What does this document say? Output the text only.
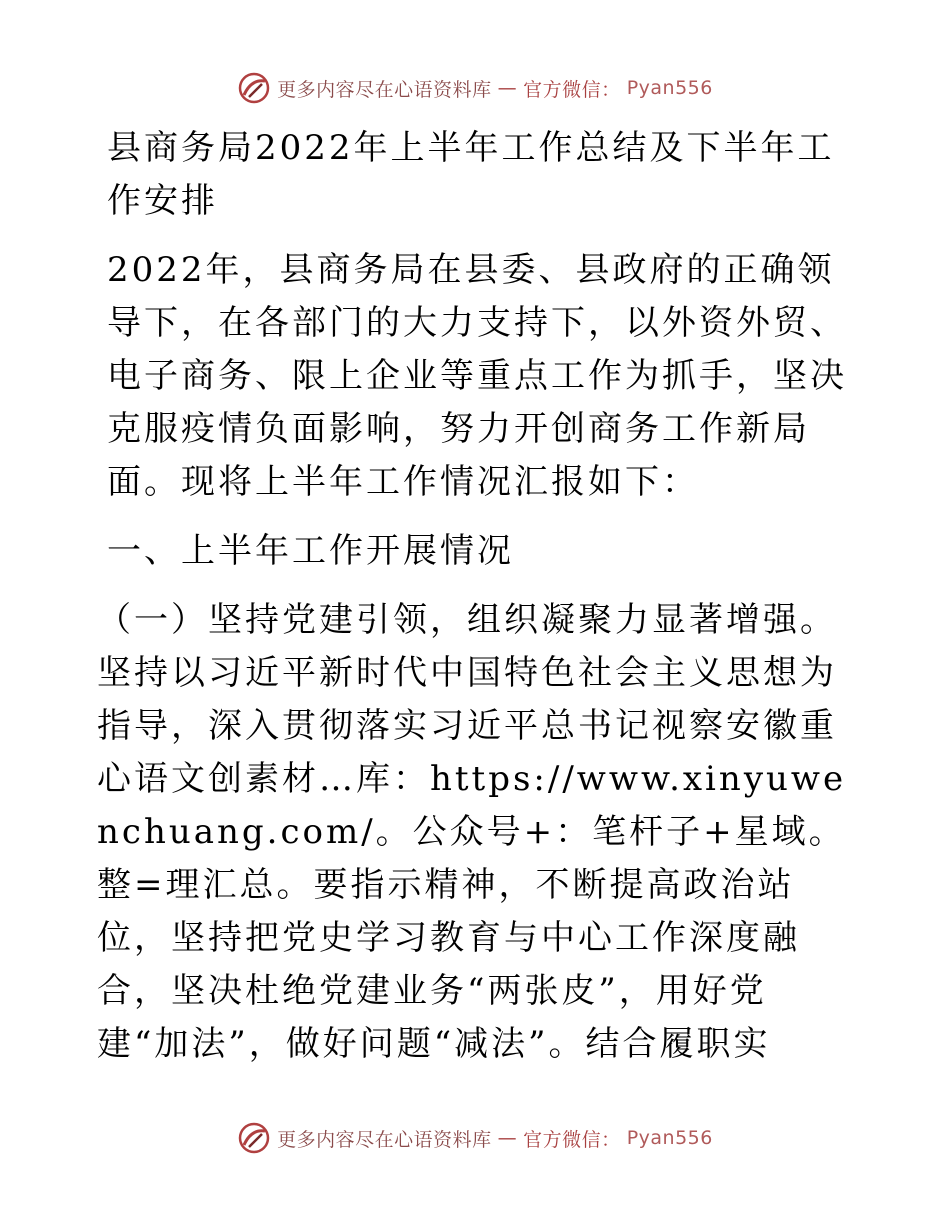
更多内容尽在心语资料库 — 官方微信： Pyan556

县商务局2022年上半年工作总结及下半年工作安排

2022年，县商务局在县委、县政府的正确领导下，在各部门的大力支持下，以外资外贸、电子商务、限上企业等重点工作为抓手，坚决克服疫情负面影响，努力开创商务工作新局面。现将上半年工作情况汇报如下：

一、上半年工作开展情况

（一）坚持党建引领，组织凝聚力显著增强。坚持以习近平新时代中国特色社会主义思想为指导，深入贯彻落实习近平总书记视察安徽重心语文创素材…库：https://www.xinyuwenchuang.com/。公众号+：笔杆子+星域。整=理汇总。要指示精神，不断提高政治站位，坚持把党史学习教育与中心工作深度融合，坚决杜绝党建业务“两张皮”，用好党建“加法”，做好问题“减法”。结合履职实

更多内容尽在心语资料库 — 官方微信： Pyan556
